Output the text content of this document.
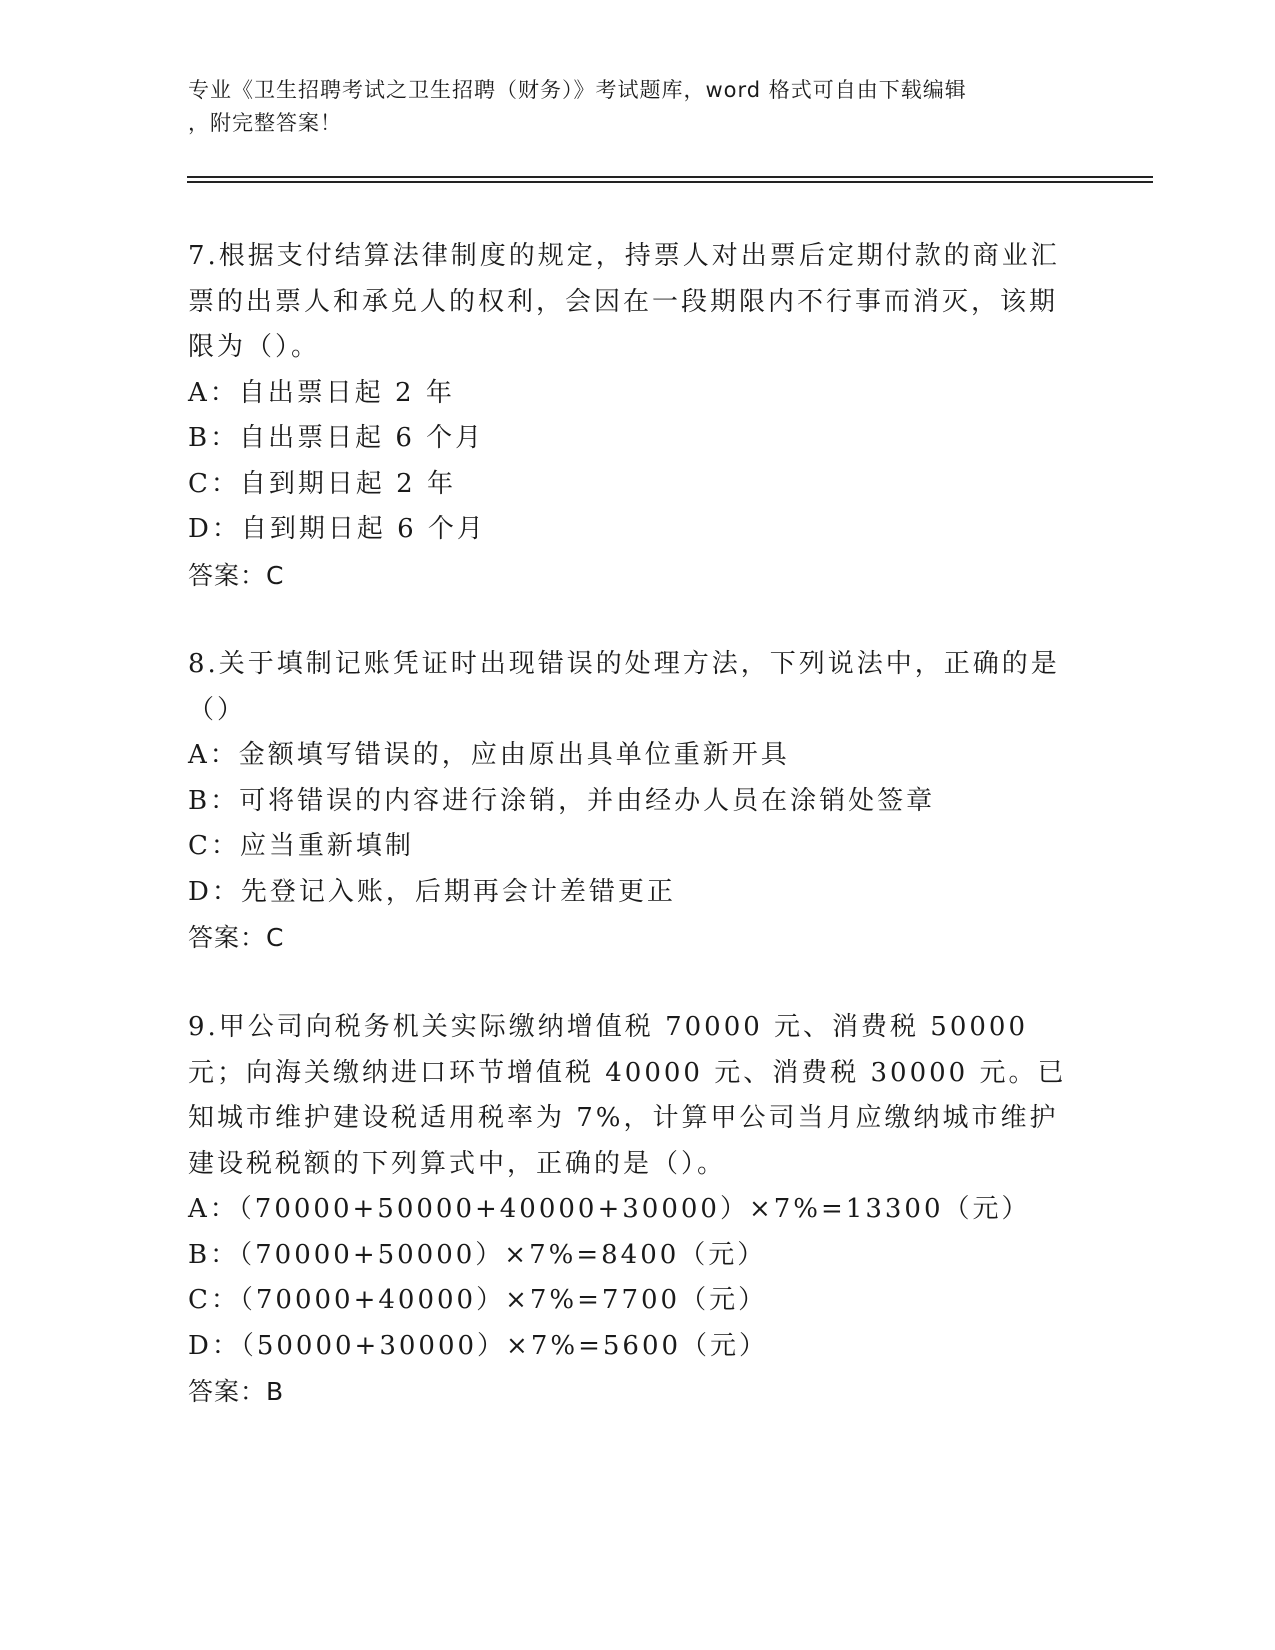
专业《卫生招聘考试之卫生招聘（财务）》考试题库，word 格式可自由下载编辑
，附完整答案！

7.根据支付结算法律制度的规定，持票人对出票后定期付款的商业汇票的出票人和承兑人的权利，会因在一段期限内不行事而消灭，该期限为（）。

A：自出票日起 2 年

B：自出票日起 6 个月

C：自到期日起 2 年

D：自到期日起 6 个月

答案：C

8.关于填制记账凭证时出现错误的处理方法，下列说法中，正确的是（）

A：金额填写错误的，应由原出具单位重新开具

B：可将错误的内容进行涂销，并由经办人员在涂销处签章

C：应当重新填制

D：先登记入账，后期再会计差错更正

答案：C

9.甲公司向税务机关实际缴纳增值税 70000 元、消费税 50000 元；向海关缴纳进口环节增值税 40000 元、消费税 30000 元。已知城市维护建设税适用税率为 7%，计算甲公司当月应缴纳城市维护建设税税额的下列算式中，正确的是（）。

A：（70000+50000+40000+30000）×7%=13300（元）

B：（70000+50000）×7%=8400（元）

C：（70000+40000）×7%=7700（元）

D：（50000+30000）×7%=5600（元）

答案：B
